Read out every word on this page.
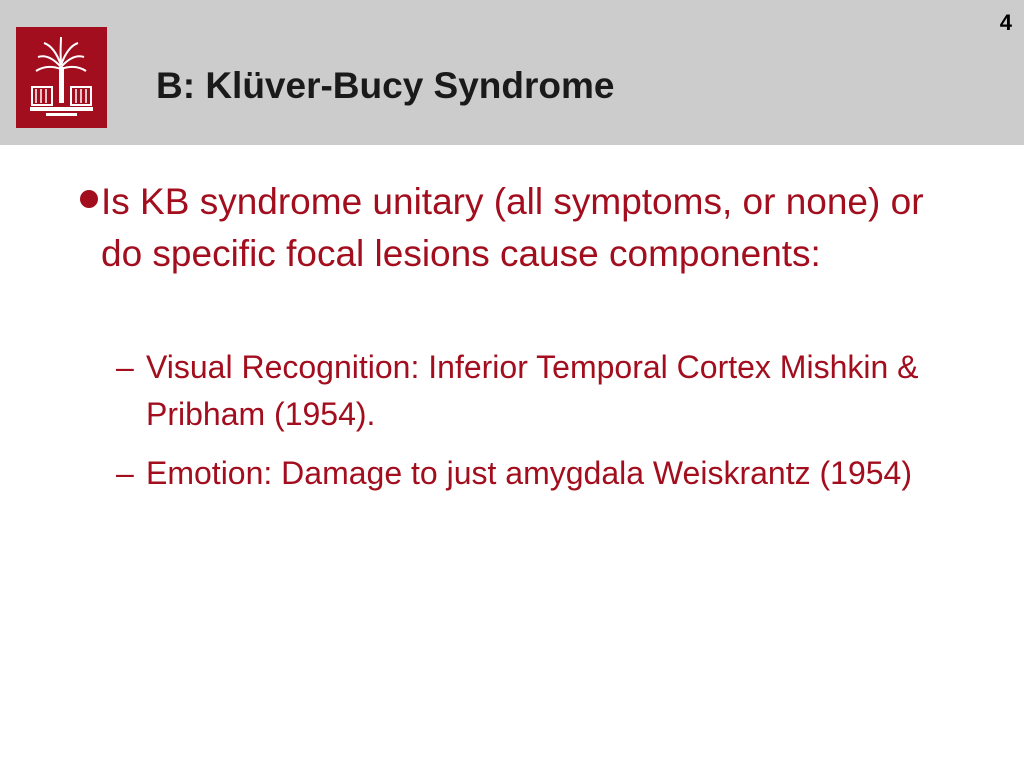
B: Klüver-Bucy Syndrome
4

Is KB syndrome unitary (all symptoms, or none) or do specific focal lesions cause components:

– Visual Recognition: Inferior Temporal Cortex Mishkin & Pribham (1954).

– Emotion: Damage to just amygdala Weiskrantz (1954)
